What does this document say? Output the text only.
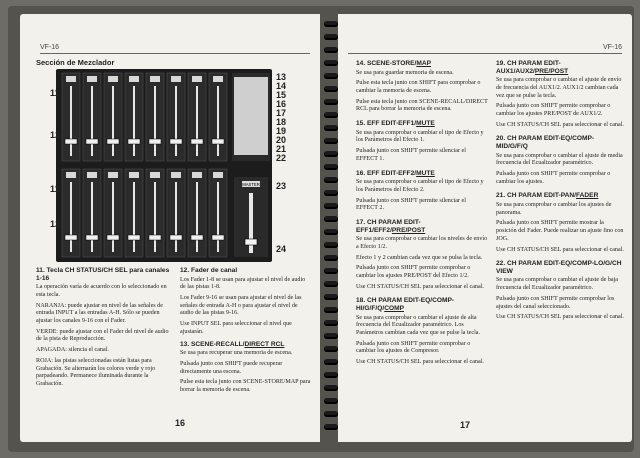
VF-16
Sección de Mezclador
MASTER
11
12
11
12
13
14
15
16
17
18
19
20
21
22
23
24
11. Tecla CH STATUS/CH SEL para canales 1-16

La operación varía de acuerdo con lo seleccionado en esta tecla.

NARANJA: puede ajustar en nivel de las señales de entrada INPUT a las entradas A-H. Sólo se pueden ajustar los canales 9-16 con el Fader.

VERDE: puede ajustar con el Fader del nivel de audio de la pista de Reproducción.

APAGADA: silencia el canal.

ROJA: las pistas seleccionadas están listas para Grabación. Se alternarán los colores verde y rojo parpadeando. Permanece iluminada durante la Grabación.

12. Fader de canal

Los Fader 1-8 se usan para ajustar el nivel de audio de las pistas 1-8.

Los Fader 9-16 se usan para ajustar el nivel de las señales de entrada A-H o para ajustar el nivel de audio de las pistas 9-16.

Use INPUT SEL para seleccionar el nivel que ajustarán.

13. SCENE-RECALL/DIRECT RCL

Se usa para recuperar una memoria de escena.

Pulsada junto con SHIFT puede recuperar directamente una escena.

Pulse esta tecla junto con SCENE-STORE/MAP para borrar la memoria de escena.

16
VF-16
14. SCENE-STORE/MAP

Se usa para guardar memoria de escena.

Pulse esta tecla junto con SHIFT para comprobar o cambiar la memoria de escena.

Pulse esta tecla junto con SCENE-RECALL/DIRECT RCL para borrar la memoria de escena.

15. EFF EDIT-EFF1/MUTE

Se usa para comprobar o cambiar el tipo de Efecto y los Parámetros del Efecto 1.

Pulsada junto con SHIFT permite silenciar el EFFECT 1.

16. EFF EDIT-EFF2/MUTE

Se usa para comprobar o cambiar el tipo de Efecto y los Parámetros del Efecto 2.

Pulsada junto con SHIFT permite silenciar el EFFECT 2.

17. CH PARAM EDIT-EFF1/EFF2/PRE/POST

Se usa para comprobar o cambiar los niveles de envío a Efecto 1/2.

Efecto 1 y 2 cambian cada vez que se pulsa la tecla.

Pulsada junto con SHIFT permite comprobar o cambiar los ajustes PRE/POST del Efecto 1/2.

Use CH STATUS/CH SEL para seleccionar el canal.

18. CH PARAM EDIT-EQ/COMP-HI/G/F/Q/COMP

Se usa para comprobar o cambiar el ajuste de alta frecuencia del Ecualizador paramétrico. Los Parámetros cambian cada vez que se pulse la tecla.

Pulsada junto con SHIFT permite comprobar o cambiar los ajustes de Compresor.

Use CH STATUS/CH SEL para seleccionar el canal.

19. CH PARAM EDIT-AUX1/AUX2/PRE/POST

Se usa para comprobar o cambiar el ajuste de envío de frecuencia del AUX1/2. AUX1/2 cambian cada vez que se pulse la tecla.

Pulsada junto con SHIFT permite comprobar o cambiar los ajustes PRE/POST de AUX1/2.

Use CH STATUS/CH SEL para seleccionar el canal.

20. CH PARAM EDIT-EQ/COMP-MID/G/F/Q

Se usa para comprobar o cambiar el ajuste de media frecuencia del Ecualizador paramétrico.

Pulsada junto con SHIFT permite comprobar o cambiar los ajustes.

21. CH PARAM EDIT-PAN/FADER

Se usa para comprobar o cambiar los ajustes de panorama.

Pulsada junto con SHIFT permite mostrar la posición del Fader. Puede realizar un ajuste fino con JOG.

Use CH STATUS/CH SEL para seleccionar el canal.

22. CH PARAM EDIT-EQ/COMP-LO/G/CH VIEW

Se usa para comprobar o cambiar el ajuste de baja frecuencia del Ecualizador paramétrico.

Pulsada junto con SHIFT permite comprobar los ajustes del canal seleccionado.

Use CH STATUS/CH SEL para seleccionar el canal.

17
